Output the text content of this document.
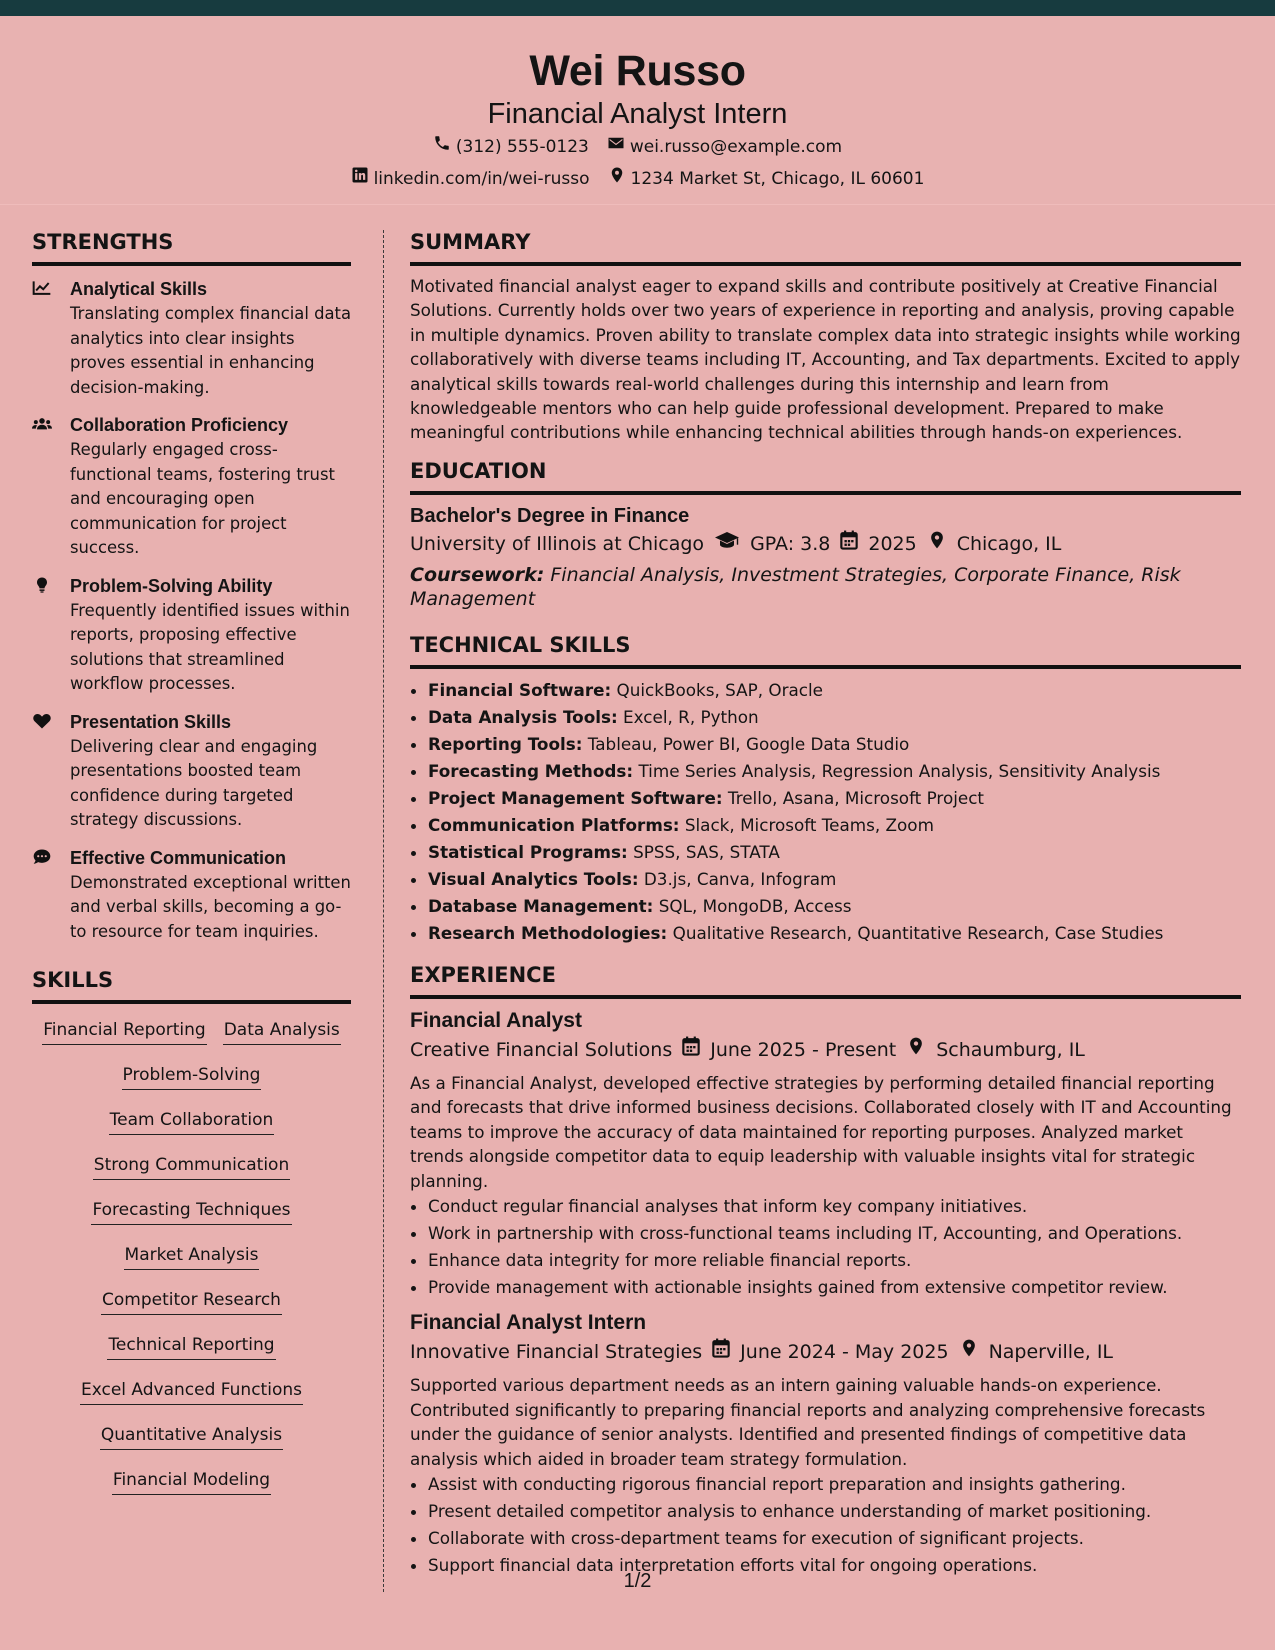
Wei Russo
Financial Analyst Intern
(312) 555-0123 wei.russo@example.com
linkedin.com/in/wei-russo 1234 Market St, Chicago, IL 60601
STRENGTHS
Analytical Skills
Translating complex financial data analytics into clear insights proves essential in enhancing decision-making.
Collaboration Proficiency
Regularly engaged cross-functional teams, fostering trust and encouraging open communication for project success.
Problem-Solving Ability
Frequently identified issues within reports, proposing effective solutions that streamlined workflow processes.
Presentation Skills
Delivering clear and engaging presentations boosted team confidence during targeted strategy discussions.
Effective Communication
Demonstrated exceptional written and verbal skills, becoming a go-to resource for team inquiries.
SKILLS
Financial Reporting Data Analysis
Problem-Solving
Team Collaboration
Strong Communication
Forecasting Techniques
Market Analysis
Competitor Research
Technical Reporting
Excel Advanced Functions
Quantitative Analysis
Financial Modeling
SUMMARY
Motivated financial analyst eager to expand skills and contribute positively at Creative Financial Solutions. Currently holds over two years of experience in reporting and analysis, proving capable in multiple dynamics. Proven ability to translate complex data into strategic insights while working collaboratively with diverse teams including IT, Accounting, and Tax departments. Excited to apply analytical skills towards real-world challenges during this internship and learn from knowledgeable mentors who can help guide professional development. Prepared to make meaningful contributions while enhancing technical abilities through hands-on experiences.
EDUCATION
Bachelor's Degree in Finance
University of Illinois at Chicago GPA: 3.8 2025 Chicago, IL
Coursework: Financial Analysis, Investment Strategies, Corporate Finance, Risk Management
TECHNICAL SKILLS
• Financial Software: QuickBooks, SAP, Oracle
• Data Analysis Tools: Excel, R, Python
• Reporting Tools: Tableau, Power BI, Google Data Studio
• Forecasting Methods: Time Series Analysis, Regression Analysis, Sensitivity Analysis
• Project Management Software: Trello, Asana, Microsoft Project
• Communication Platforms: Slack, Microsoft Teams, Zoom
• Statistical Programs: SPSS, SAS, STATA
• Visual Analytics Tools: D3.js, Canva, Infogram
• Database Management: SQL, MongoDB, Access
• Research Methodologies: Qualitative Research, Quantitative Research, Case Studies
EXPERIENCE
Financial Analyst
Creative Financial Solutions June 2025 - Present Schaumburg, IL
As a Financial Analyst, developed effective strategies by performing detailed financial reporting and forecasts that drive informed business decisions. Collaborated closely with IT and Accounting teams to improve the accuracy of data maintained for reporting purposes. Analyzed market trends alongside competitor data to equip leadership with valuable insights vital for strategic planning.
• Conduct regular financial analyses that inform key company initiatives.
• Work in partnership with cross-functional teams including IT, Accounting, and Operations.
• Enhance data integrity for more reliable financial reports.
• Provide management with actionable insights gained from extensive competitor review.
Financial Analyst Intern
Innovative Financial Strategies June 2024 - May 2025 Naperville, IL
Supported various department needs as an intern gaining valuable hands-on experience. Contributed significantly to preparing financial reports and analyzing comprehensive forecasts under the guidance of senior analysts. Identified and presented findings of competitive data analysis which aided in broader team strategy formulation.
• Assist with conducting rigorous financial report preparation and insights gathering.
• Present detailed competitor analysis to enhance understanding of market positioning.
• Collaborate with cross-department teams for execution of significant projects.
• Support financial data interpretation efforts vital for ongoing operations.
1/2
